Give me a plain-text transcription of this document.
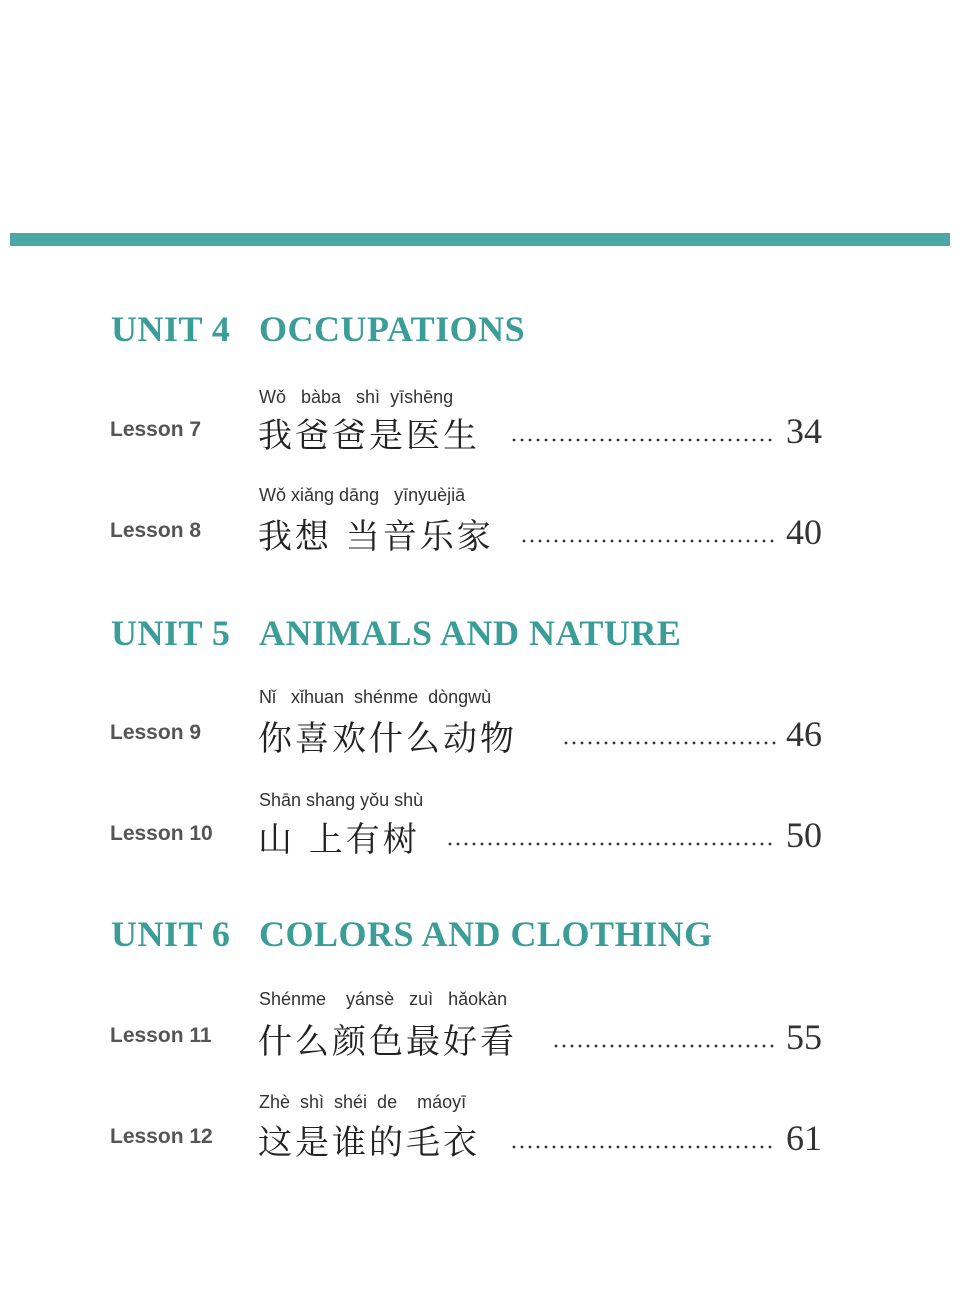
UNIT 4 OCCUPATIONS
Wǒ   bàba   shì  yīshēng
Lesson 7 我爸爸是医生	34
Wǒ xiǎng dāng   yīnyuèjiā
Lesson 8 我想 当音乐家	40
UNIT 5 ANIMALS AND NATURE
Nǐ   xǐhuan  shénme  dòngwù
Lesson 9 你喜欢什么动物	46
Shān shang yǒu shù
Lesson 10 山 上有树	50
UNIT 6 COLORS AND CLOTHING
Shénme    yánsè   zuì   hǎokàn
Lesson 11 什么颜色最好看	55
Zhè  shì  shéi  de    máoyī
Lesson 12 这是谁的毛衣	61
